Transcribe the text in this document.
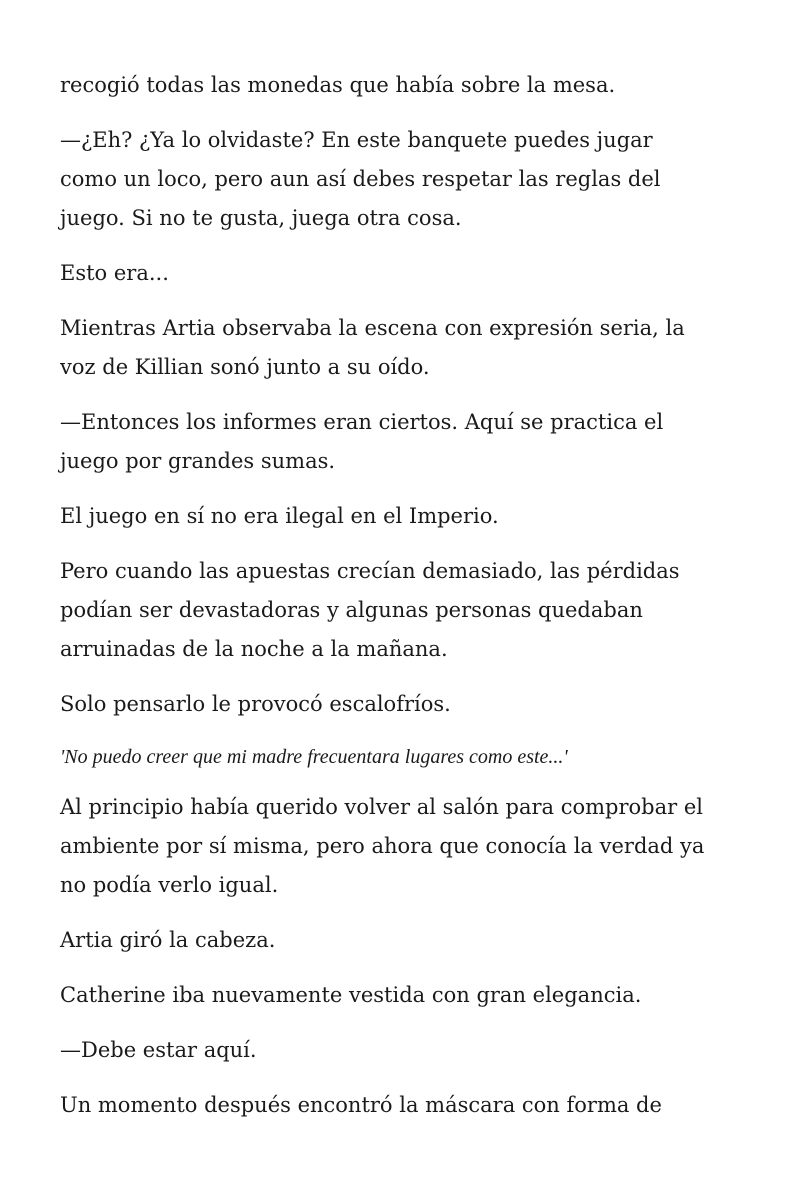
recogió todas las monedas que había sobre la mesa.

—¿Eh? ¿Ya lo olvidaste? En este banquete puedes jugar
como un loco, pero aun así debes respetar las reglas del
juego. Si no te gusta, juega otra cosa.

Esto era...

Mientras Artia observaba la escena con expresión seria, la
voz de Killian sonó junto a su oído.

—Entonces los informes eran ciertos. Aquí se practica el
juego por grandes sumas.

El juego en sí no era ilegal en el Imperio.

Pero cuando las apuestas crecían demasiado, las pérdidas
podían ser devastadoras y algunas personas quedaban
arruinadas de la noche a la mañana.

Solo pensarlo le provocó escalofríos.

'No puedo creer que mi madre frecuentara lugares como este...'

Al principio había querido volver al salón para comprobar el
ambiente por sí misma, pero ahora que conocía la verdad ya
no podía verlo igual.

Artia giró la cabeza.

Catherine iba nuevamente vestida con gran elegancia.

—Debe estar aquí.

Un momento después encontró la máscara con forma de
